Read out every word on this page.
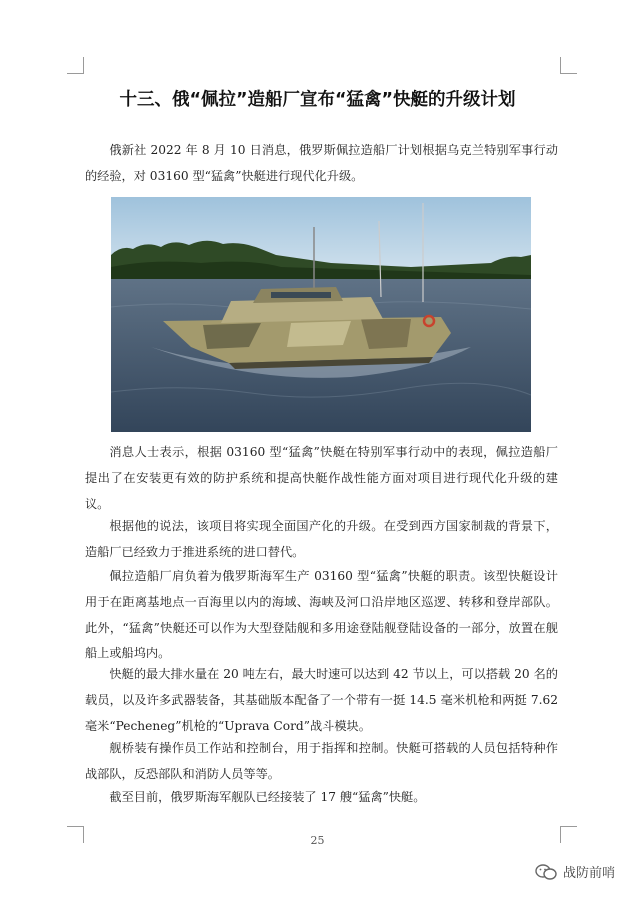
十三、俄“佩拉”造船厂宣布“猛禽”快艇的升级计划

俄新社 2022 年 8 月 10 日消息，俄罗斯佩拉造船厂计划根据乌克兰特别军事行动的经验，对 03160 型“猛禽”快艇进行现代化升级。

消息人士表示，根据 03160 型“猛禽”快艇在特别军事行动中的表现，佩拉造船厂提出了在安装更有效的防护系统和提高快艇作战性能方面对项目进行现代化升级的建议。

根据他的说法，该项目将实现全面国产化的升级。在受到西方国家制裁的背景下，造船厂已经致力于推进系统的进口替代。

佩拉造船厂肩负着为俄罗斯海军生产 03160 型“猛禽”快艇的职责。该型快艇设计用于在距离基地点一百海里以内的海域、海峡及河口沿岸地区巡逻、转移和登岸部队。此外，“猛禽”快艇还可以作为大型登陆舰和多用途登陆舰登陆设备的一部分，放置在舰船上或船坞内。

快艇的最大排水量在 20 吨左右，最大时速可以达到 42 节以上，可以搭载 20 名的载员，以及许多武器装备，其基础版本配备了一个带有一挺 14.5 毫米机枪和两挺 7.62 毫米“Pecheneg”机枪的“Uprava Cord”战斗模块。

舰桥装有操作员工作站和控制台，用于指挥和控制。快艇可搭载的人员包括特种作战部队，反恐部队和消防人员等等。

截至目前，俄罗斯海军舰队已经接装了 17 艘“猛禽”快艇。

25
战防前哨
